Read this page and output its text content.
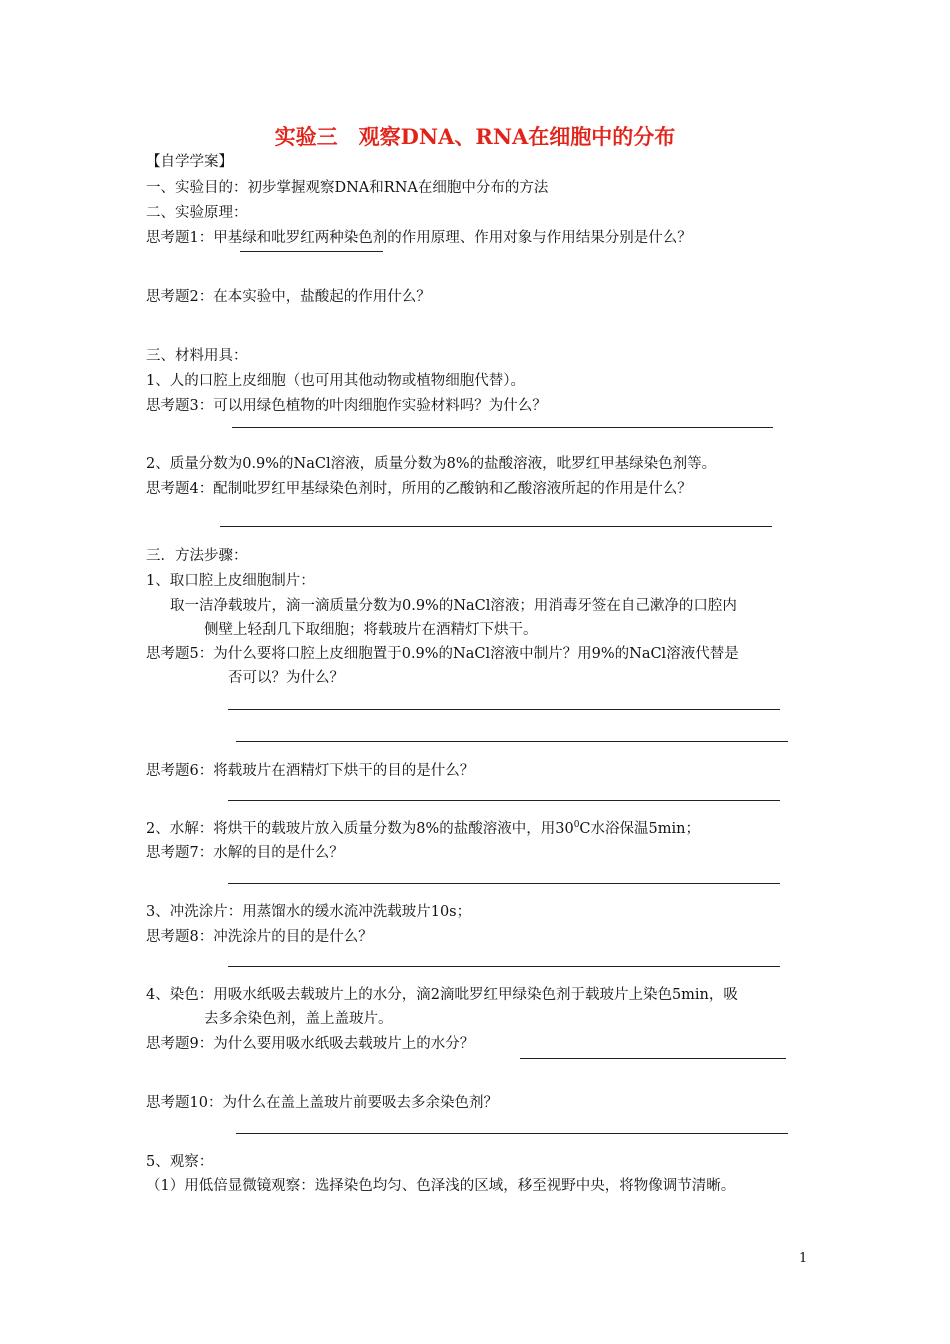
实验三　观察DNA、RNA在细胞中的分布
【自学学案】
一、实验目的：初步掌握观察DNA和RNA在细胞中分布的方法
二、实验原理：
思考题1：甲基绿和吡罗红两种染色剂的作用原理、作用对象与作用结果分别是什么？
思考题2：在本实验中，盐酸起的作用什么？
三、材料用具：
1、人的口腔上皮细胞（也可用其他动物或植物细胞代替）。
思考题3：可以用绿色植物的叶肉细胞作实验材料吗？为什么？
2、质量分数为0.9%的NaCl溶液，质量分数为8%的盐酸溶液，吡罗红甲基绿染色剂等。
思考题4：配制吡罗红甲基绿染色剂时，所用的乙酸钠和乙酸溶液所起的作用是什么？
三．方法步骤：
1、取口腔上皮细胞制片：
取一洁净载玻片，滴一滴质量分数为0.9%的NaCl溶液；用消毒牙签在自己漱净的口腔内
侧壁上轻刮几下取细胞；将载玻片在酒精灯下烘干。
思考题5：为什么要将口腔上皮细胞置于0.9%的NaCl溶液中制片？用9%的NaCl溶液代替是
否可以？为什么？
思考题6：将载玻片在酒精灯下烘干的目的是什么？
2、水解：将烘干的载玻片放入质量分数为8%的盐酸溶液中，用$30^0C$水浴保温5min；
思考题7：水解的目的是什么？
3、冲洗涂片：用蒸馏水的缓水流冲洗载玻片10s；
思考题8：冲洗涂片的目的是什么？
4、染色：用吸水纸吸去载玻片上的水分，滴2滴吡罗红甲绿染色剂于载玻片上染色5min，吸
去多余染色剂，盖上盖玻片。
思考题9：为什么要用吸水纸吸去载玻片上的水分？
思考题10：为什么在盖上盖玻片前要吸去多余染色剂？
5、观察：
（1）用低倍显微镜观察：选择染色均匀、色泽浅的区域，移至视野中央，将物像调节清晰。
1
